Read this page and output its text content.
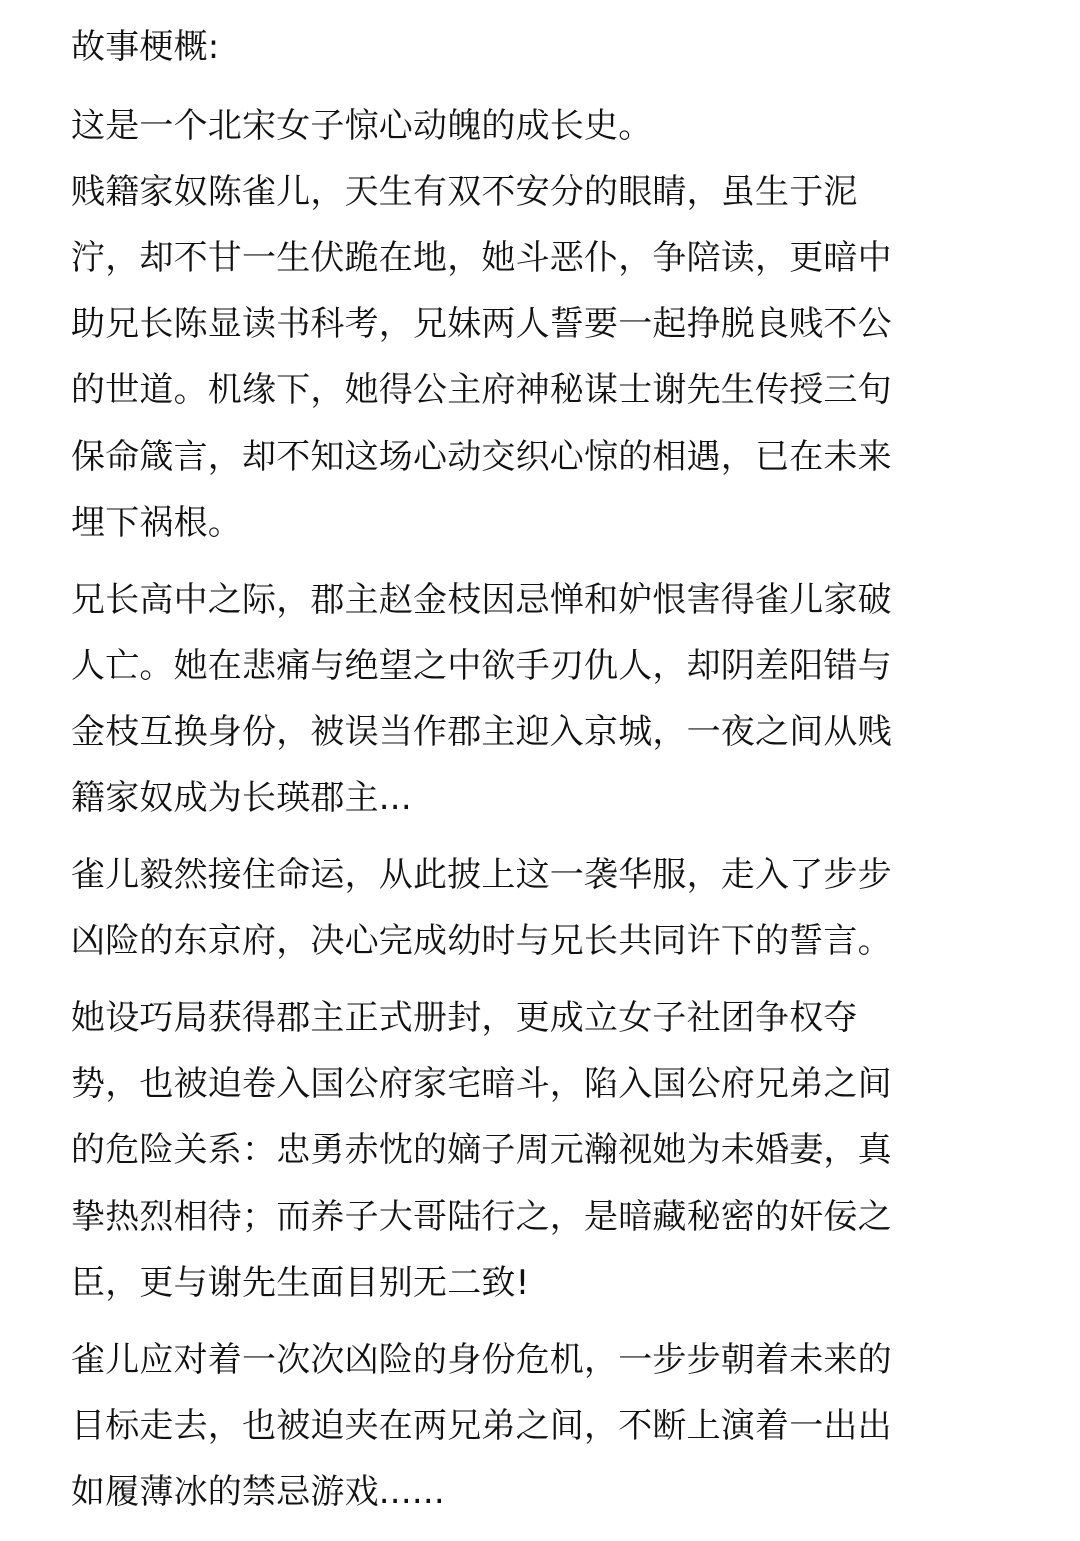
故事梗概:
这是一个北宋女子惊心动魄的成长史。
贱籍家奴陈雀儿，天生有双不安分的眼睛，虽生于泥
泞，却不甘一生伏跪在地，她斗恶仆，争陪读，更暗中
助兄长陈显读书科考，兄妹两人誓要一起挣脱良贱不公
的世道。机缘下，她得公主府神秘谋士谢先生传授三句
保命箴言，却不知这场心动交织心惊的相遇，已在未来
埋下祸根。
兄长高中之际，郡主赵金枝因忌惮和妒恨害得雀儿家破
人亡。她在悲痛与绝望之中欲手刃仇人，却阴差阳错与
金枝互换身份，被误当作郡主迎入京城，一夜之间从贱
籍家奴成为长瑛郡主...
雀儿毅然接住命运，从此披上这一袭华服，走入了步步
凶险的东京府，决心完成幼时与兄长共同许下的誓言。
她设巧局获得郡主正式册封，更成立女子社团争权夺
势，也被迫卷入国公府家宅暗斗，陷入国公府兄弟之间
的危险关系：忠勇赤忱的嫡子周元瀚视她为未婚妻，真
挚热烈相待；而养子大哥陆行之，是暗藏秘密的奸佞之
臣，更与谢先生面目别无二致!
雀儿应对着一次次凶险的身份危机，一步步朝着未来的
目标走去，也被迫夹在两兄弟之间，不断上演着一出出
如履薄冰的禁忌游戏......
